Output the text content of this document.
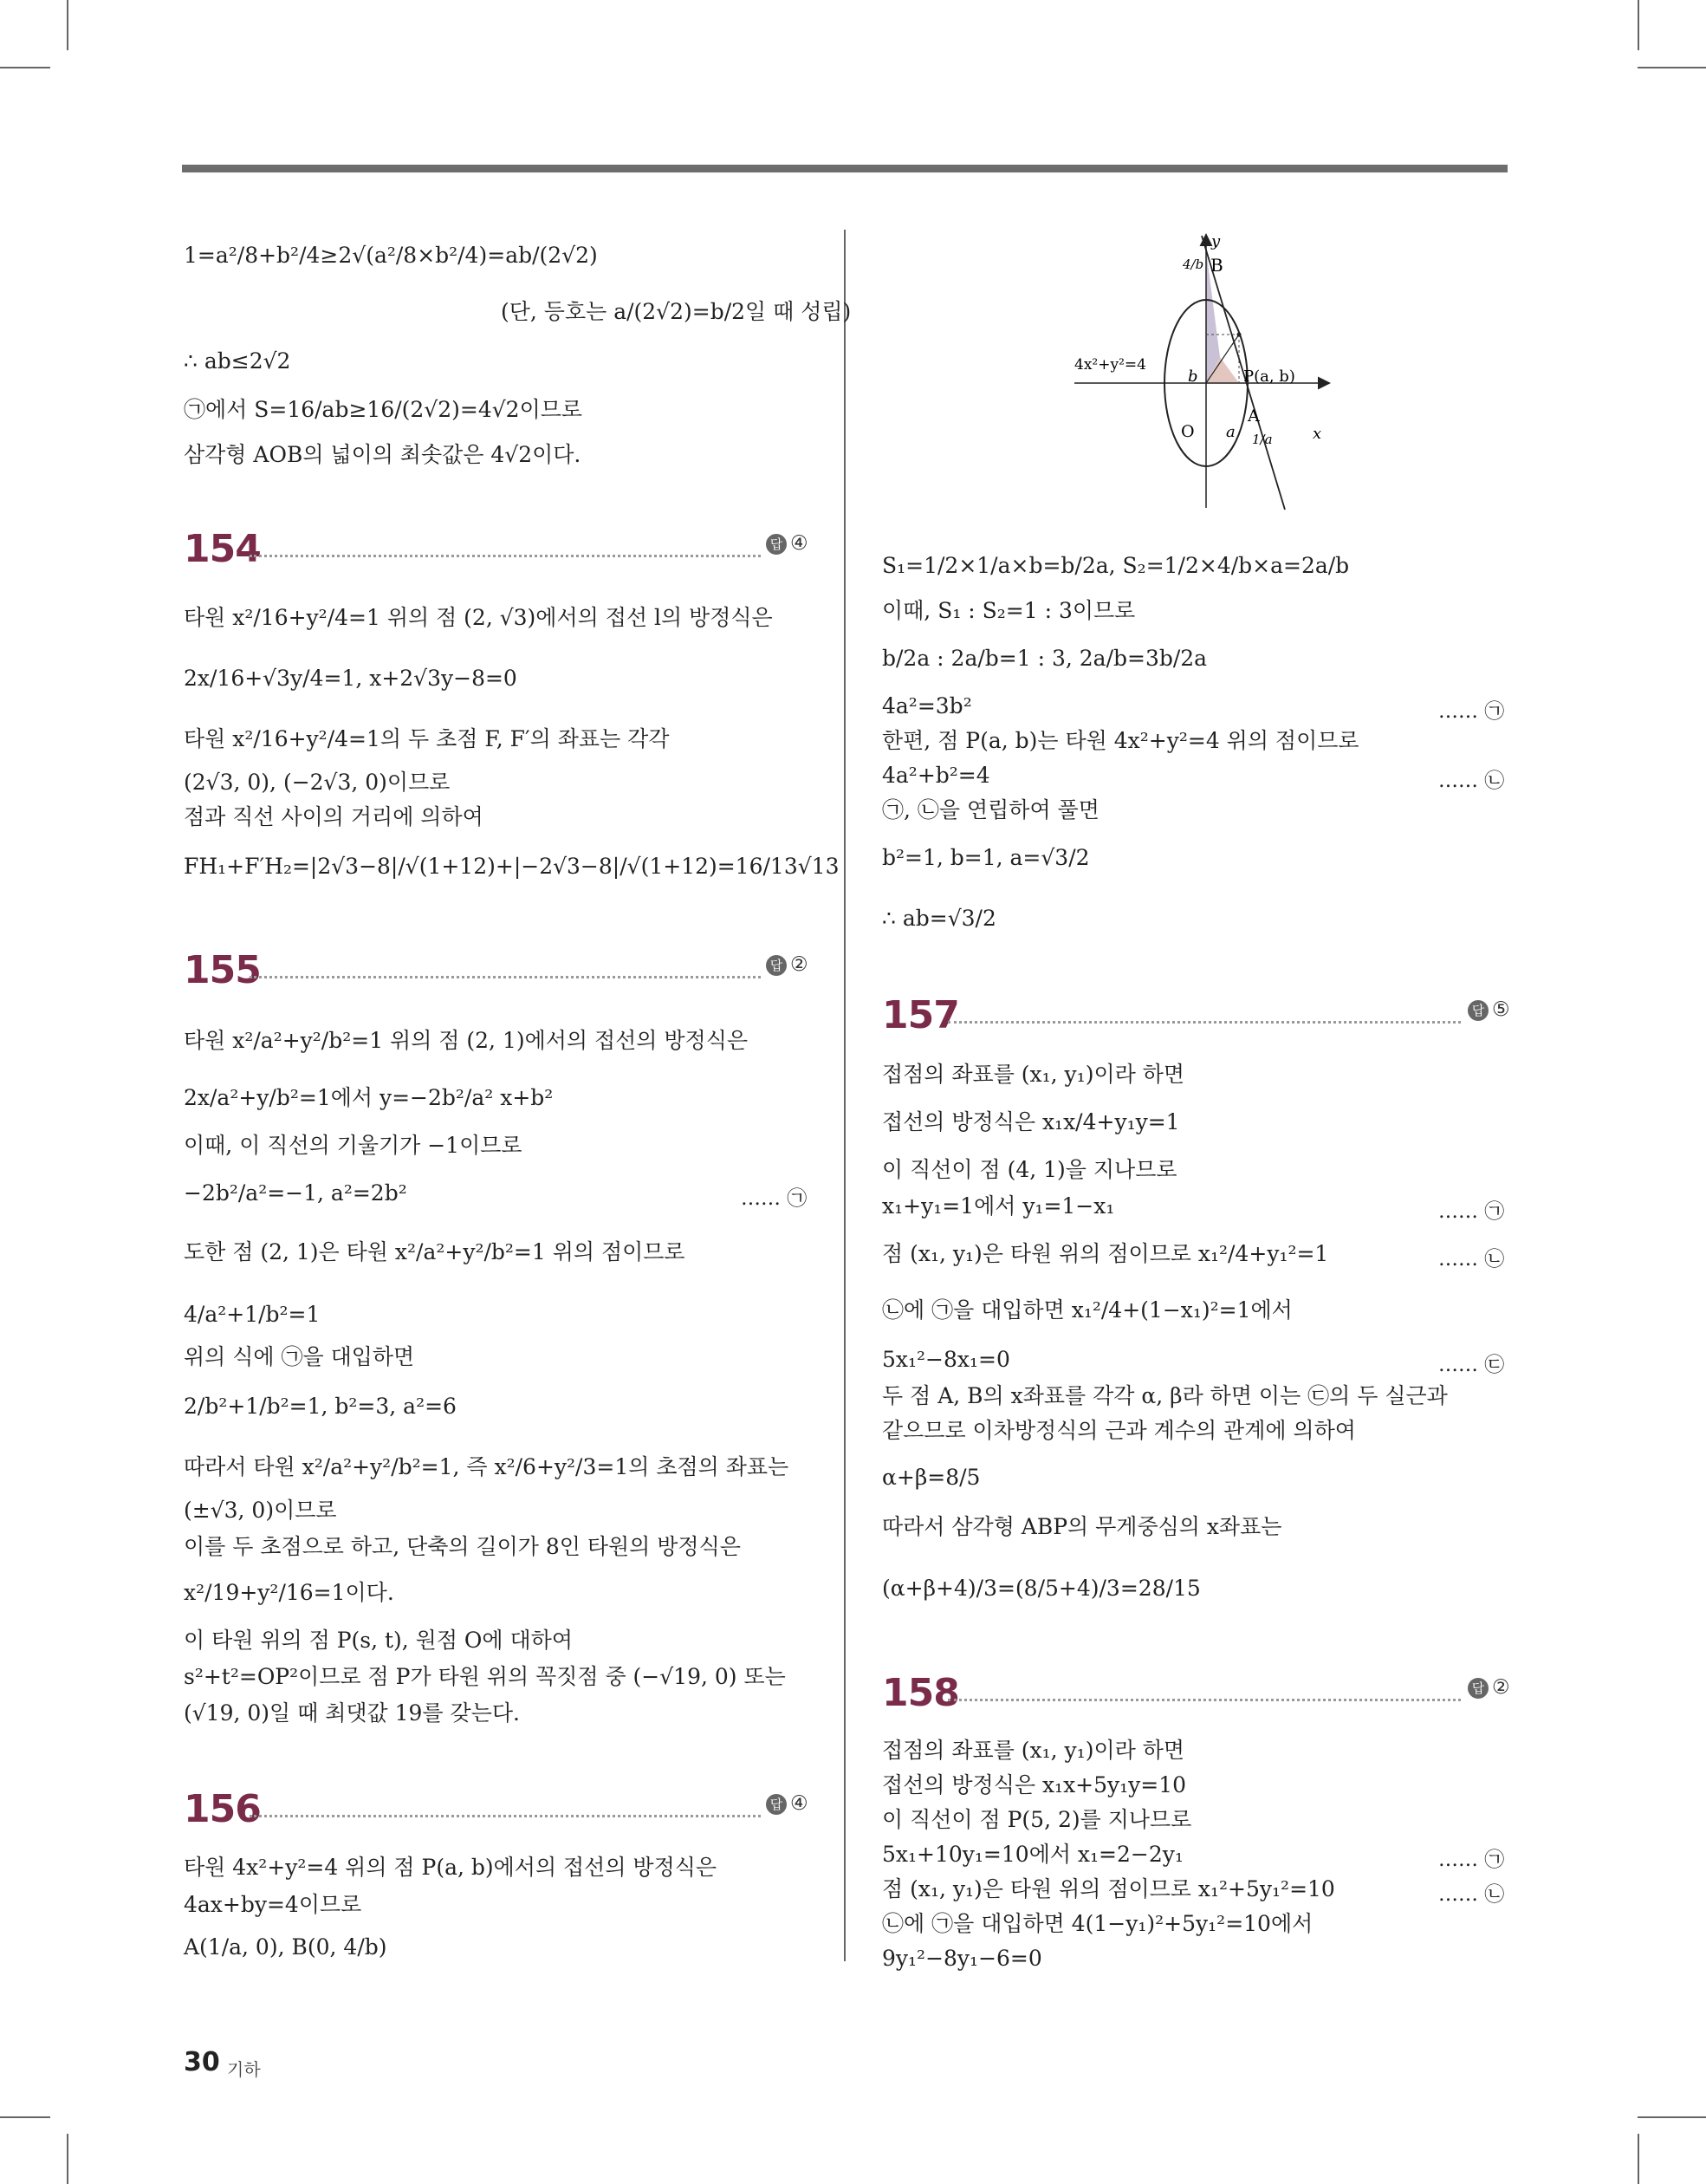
1=a²/8+b²/4≥2√(a²/8×b²/4)=ab/(2√2)
(단, 등호는 a/(2√2)=b/2일 때 성립)
∴ ab≤2√2
㉠에서 S=16/ab≥16/(2√2)=4√2이므로
삼각형 AOB의 넓이의 최솟값은 4√2이다.
154	답 ④
타원 x²/16+y²/4=1 위의 점 (2, √3)에서의 접선 l의 방정식은
2x/16+√3y/4=1, x+2√3y−8=0
타원 x²/16+y²/4=1의 두 초점 F, F′의 좌표는 각각
(2√3, 0), (−2√3, 0)이므로
점과 직선 사이의 거리에 의하여
FH₁+F′H₂=|2√3−8|/√(1+12)+|−2√3−8|/√(1+12)=16/13√13
155	답 ②
타원 x²/a²+y²/b²=1 위의 점 (2, 1)에서의 접선의 방정식은
2x/a²+y/b²=1에서 y=−2b²/a² x+b²
이때, 이 직선의 기울기가 −1이므로
−2b²/a²=−1, a²=2b²	…… ㉠
도한 점 (2, 1)은 타원 x²/a²+y²/b²=1 위의 점이므로
4/a²+1/b²=1
위의 식에 ㉠을 대입하면
2/b²+1/b²=1, b²=3, a²=6
따라서 타원 x²/a²+y²/b²=1, 즉 x²/6+y²/3=1의 초점의 좌표는
(±√3, 0)이므로
이를 두 초점으로 하고, 단축의 길이가 8인 타원의 방정식은
x²/19+y²/16=1이다.
이 타원 위의 점 P(s, t), 원점 O에 대하여
s²+t²=OP²이므로 점 P가 타원 위의 꼭짓점 중 (−√19, 0) 또는
(√19, 0)일 때 최댓값 19를 갖는다.
156	답 ④
타원 4x²+y²=4 위의 점 P(a, b)에서의 접선의 방정식은
4ax+by=4이므로
A(1/a, 0), B(0, 4/b)
y
B
4/b
4x²+y²=4
b	P(a, b)
A
O a 1/a	x
S₁=1/2×1/a×b=b/2a, S₂=1/2×4/b×a=2a/b
이때, S₁ : S₂=1 : 3이므로
b/2a : 2a/b=1 : 3, 2a/b=3b/2a
4a²=3b²	…… ㉠
한편, 점 P(a, b)는 타원 4x²+y²=4 위의 점이므로
4a²+b²=4	…… ㉡
㉠, ㉡을 연립하여 풀면
b²=1, b=1, a=√3/2
∴ ab=√3/2
157	답 ⑤
접점의 좌표를 (x₁, y₁)이라 하면
접선의 방정식은 x₁x/4+y₁y=1
이 직선이 점 (4, 1)을 지나므로
x₁+y₁=1에서 y₁=1−x₁	…… ㉠
점 (x₁, y₁)은 타원 위의 점이므로 x₁²/4+y₁²=1	…… ㉡
㉡에 ㉠을 대입하면 x₁²/4+(1−x₁)²=1에서
5x₁²−8x₁=0	…… ㉢
두 점 A, B의 x좌표를 각각 α, β라 하면 이는 ㉢의 두 실근과
같으므로 이차방정식의 근과 계수의 관계에 의하여
α+β=8/5
따라서 삼각형 ABP의 무게중심의 x좌표는
(α+β+4)/3=(8/5+4)/3=28/15
158	답 ②
접점의 좌표를 (x₁, y₁)이라 하면
접선의 방정식은 x₁x+5y₁y=10
이 직선이 점 P(5, 2)를 지나므로
5x₁+10y₁=10에서 x₁=2−2y₁	…… ㉠
점 (x₁, y₁)은 타원 위의 점이므로 x₁²+5y₁²=10	…… ㉡
㉡에 ㉠을 대입하면 4(1−y₁)²+5y₁²=10에서
9y₁²−8y₁−6=0
30 기하
